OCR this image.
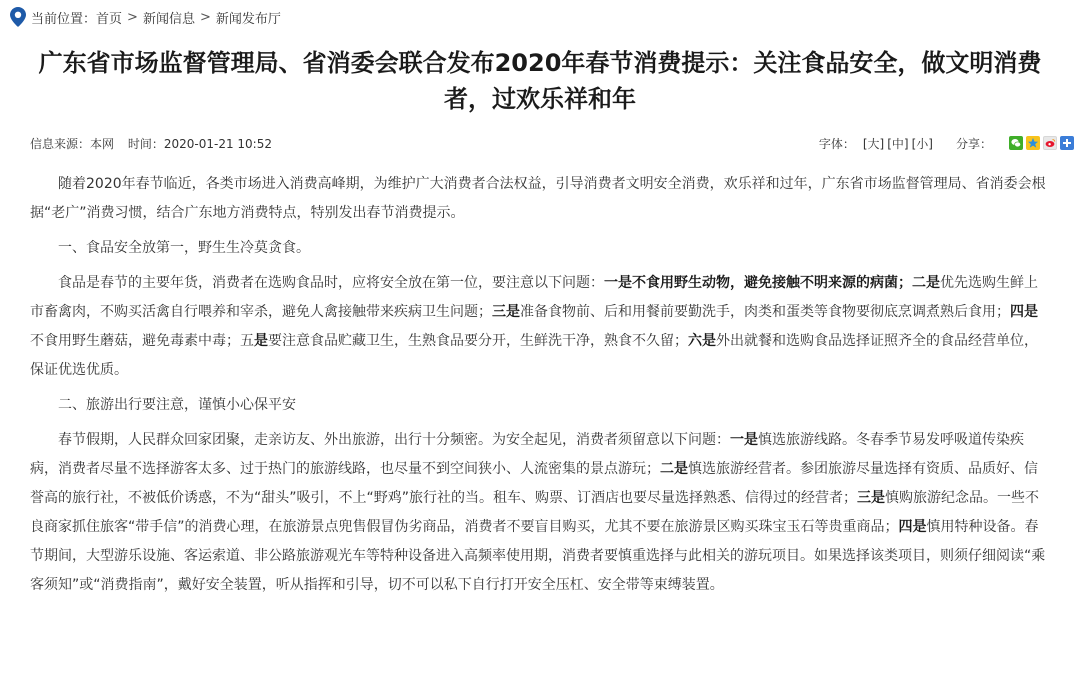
当前位置： 首页 > 新闻信息 > 新闻发布厅
广东省市场监督管理局、省消委会联合发布2020年春节消费提示：关注食品安全，做文明消费者，过欢乐祥和年
信息来源：本网 时间：2020-01-21 10:52	字体： [大] [中] [小] 分享：

随着2020年春节临近，各类市场进入消费高峰期，为维护广大消费者合法权益，引导消费者文明安全消费，欢乐祥和过年，广东省市场监督管理局、省消委会根据“老广”消费习惯，结合广东地方消费特点，特别发出春节消费提示。

一、食品安全放第一，野生生冷莫贪食。

食品是春节的主要年货，消费者在选购食品时，应将安全放在第一位，要注意以下问题：一是不食用野生动物，避免接触不明来源的病菌；二是优先选购生鲜上市畜禽肉，不购买活禽自行喂养和宰杀，避免人禽接触带来疾病卫生问题；三是准备食物前、后和用餐前要勤洗手，肉类和蛋类等食物要彻底烹调煮熟后食用；四是不食用野生蘑菇，避免毒素中毒；五是要注意食品贮藏卫生，生熟食品要分开，生鲜洗干净，熟食不久留；六是外出就餐和选购食品选择证照齐全的食品经营单位，保证优选优质。

二、旅游出行要注意，谨慎小心保平安

春节假期，人民群众回家团聚，走亲访友、外出旅游，出行十分频密。为安全起见，消费者须留意以下问题：一是慎选旅游线路。冬春季节易发呼吸道传染疾病，消费者尽量不选择游客太多、过于热门的旅游线路，也尽量不到空间狭小、人流密集的景点游玩；二是慎选旅游经营者。参团旅游尽量选择有资质、品质好、信誉高的旅行社，不被低价诱惑，不为“甜头”吸引，不上“野鸡”旅行社的当。租车、购票、订酒店也要尽量选择熟悉、信得过的经营者；三是慎购旅游纪念品。一些不良商家抓住旅客“带手信”的消费心理，在旅游景点兜售假冒伪劣商品，消费者不要盲目购买，尤其不要在旅游景区购买珠宝玉石等贵重商品；四是慎用特种设备。春节期间，大型游乐设施、客运索道、非公路旅游观光车等特种设备进入高频率使用期，消费者要慎重选择与此相关的游玩项目。如果选择该类项目，则须仔细阅读“乘客须知”或“消费指南”，戴好安全装置，听从指挥和引导，切不可以私下自行打开安全压杠、安全带等束缚装置。
